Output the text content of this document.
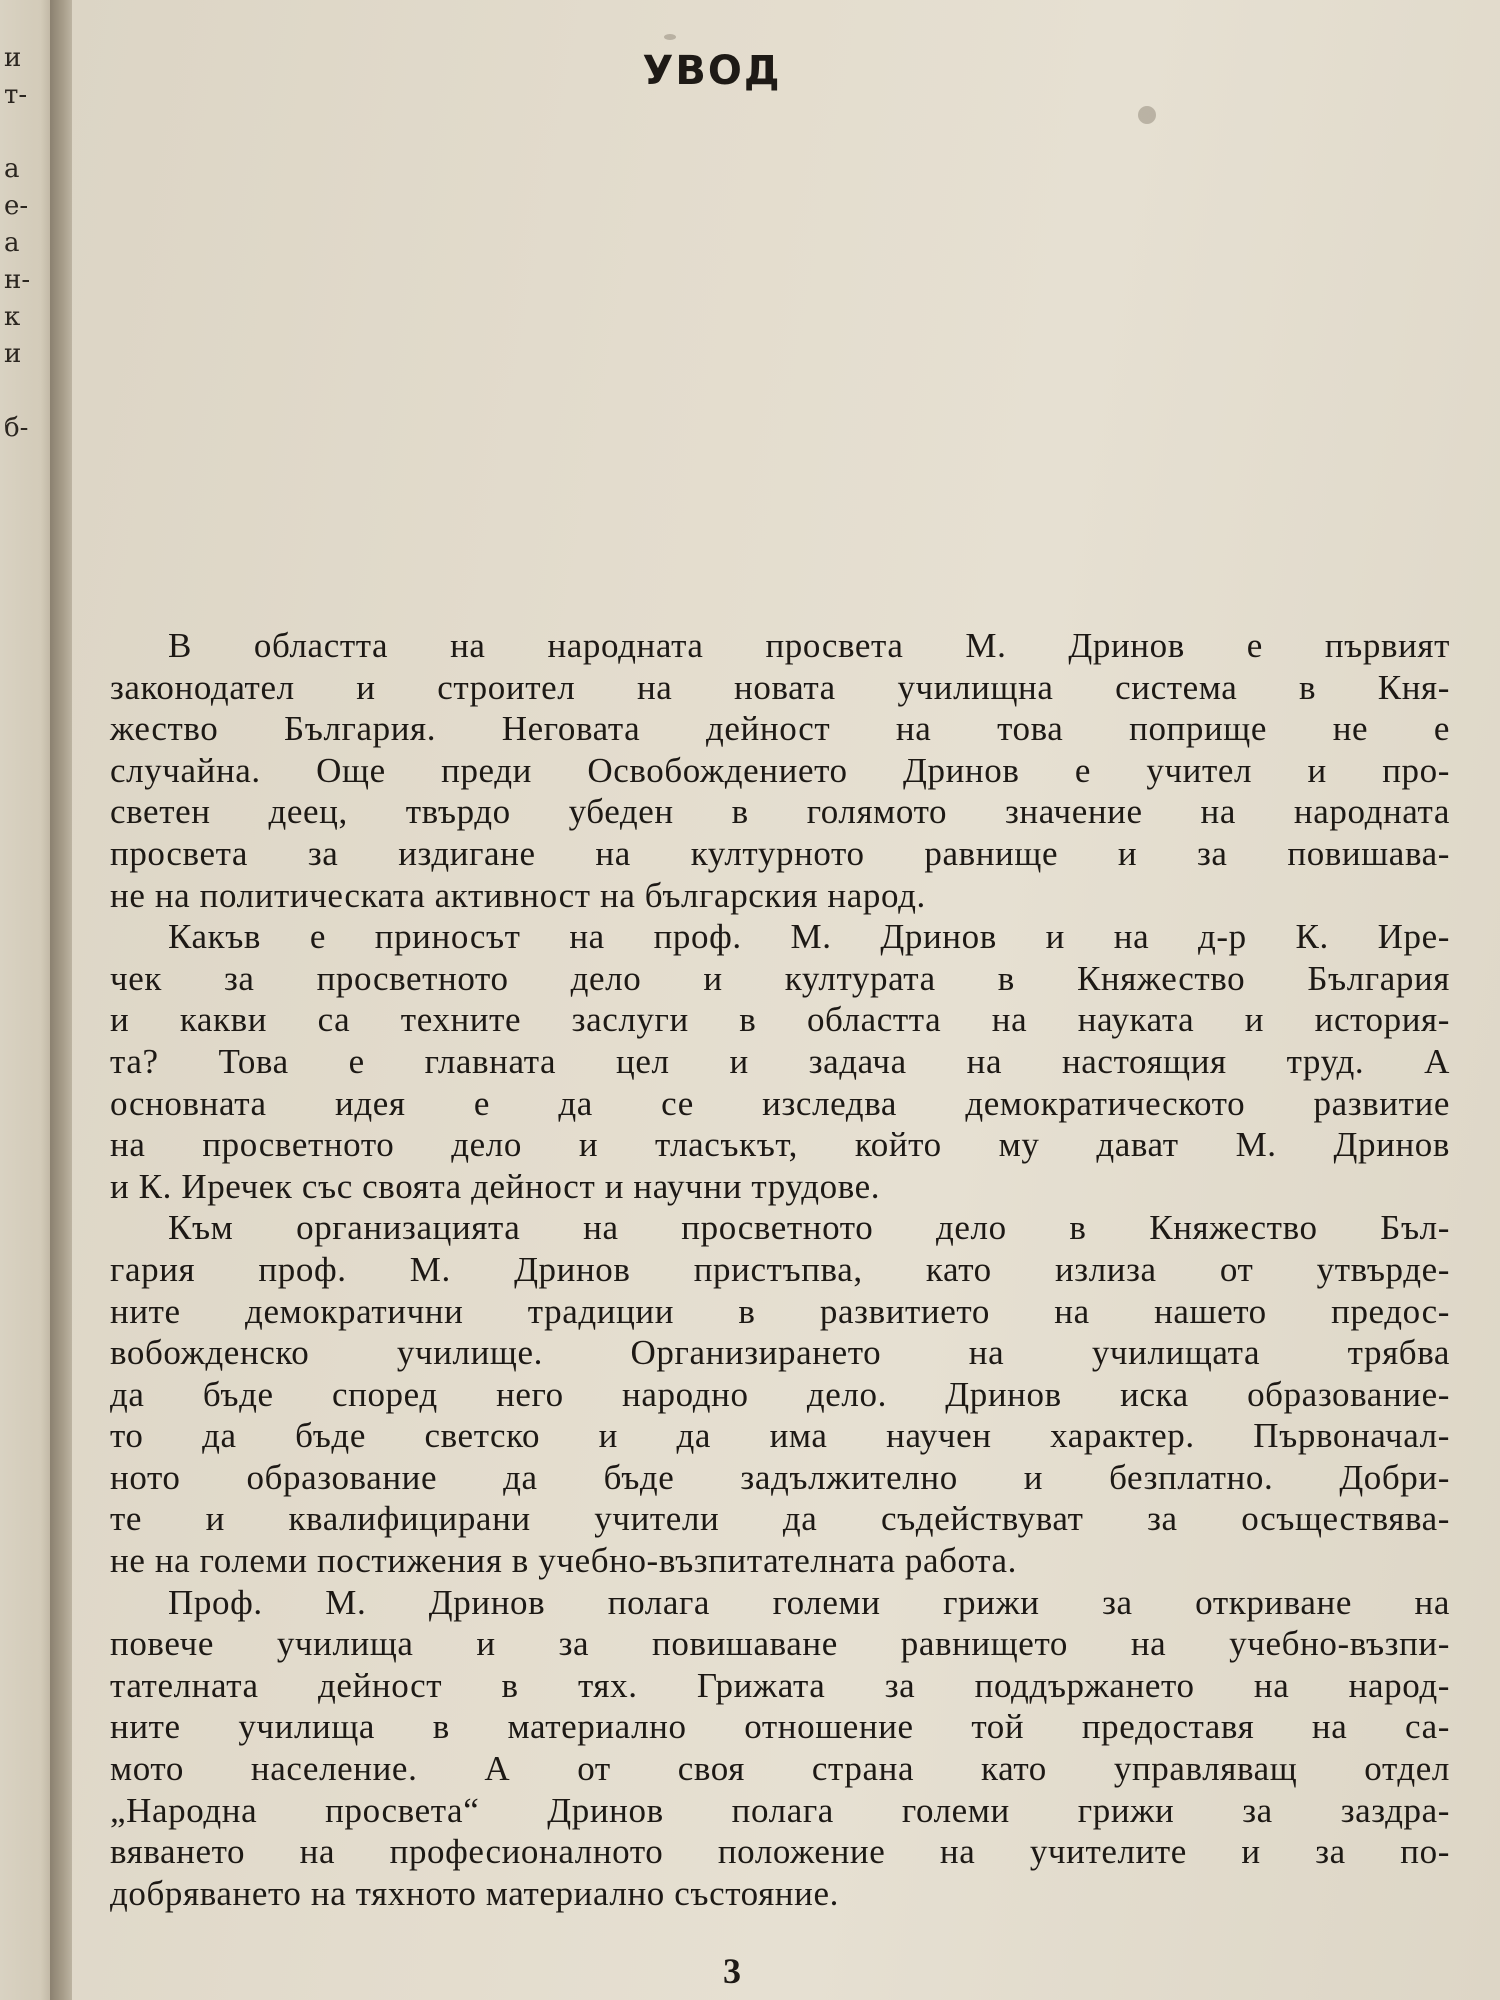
и
т-
а
е-
а
н-
к
и
б-
УВОД
В областта на народната просвета М. Дринов е първият
законодател и строител на новата училищна система в Кня-
жество България. Неговата дейност на това поприще не е
случайна. Още преди Освобождението Дринов е учител и про-
светен деец, твърдо убеден в голямото значение на народната
просвета за издигане на културното равнище и за повишава-
не на политическата активност на българския народ.
Какъв е приносът на проф. М. Дринов и на д-р К. Ире-
чек за просветното дело и културата в Княжество България
и какви са техните заслуги в областта на науката и история-
та? Това е главната цел и задача на настоящия труд. А
основната идея е да се изследва демократическото развитие
на просветното дело и тласъкът, който му дават М. Дринов
и К. Иречек със своята дейност и научни трудове.
Към организацията на просветното дело в Княжество Бъл-
гария проф. М. Дринов пристъпва, като излиза от утвърде-
ните демократични традиции в развитието на нашето предос-
вобожденско училище. Организирането на училищата трябва
да бъде според него народно дело. Дринов иска образование-
то да бъде светско и да има научен характер. Първоначал-
ното образование да бъде задължително и безплатно. Добри-
те и квалифицирани учители да съдействуват за осъществява-
не на големи постижения в учебно-възпитателната работа.
Проф. М. Дринов полага големи грижи за откриване на
повече училища и за повишаване равнището на учебно-възпи-
тателната дейност в тях. Грижата за поддържането на народ-
ните училища в материално отношение той предоставя на са-
мото население. А от своя страна като управляващ отдел
„Народна просвета“ Дринов полага големи грижи за заздра-
вяването на професионалното положение на учителите и за по-
добряването на тяхното материално състояние.
3
